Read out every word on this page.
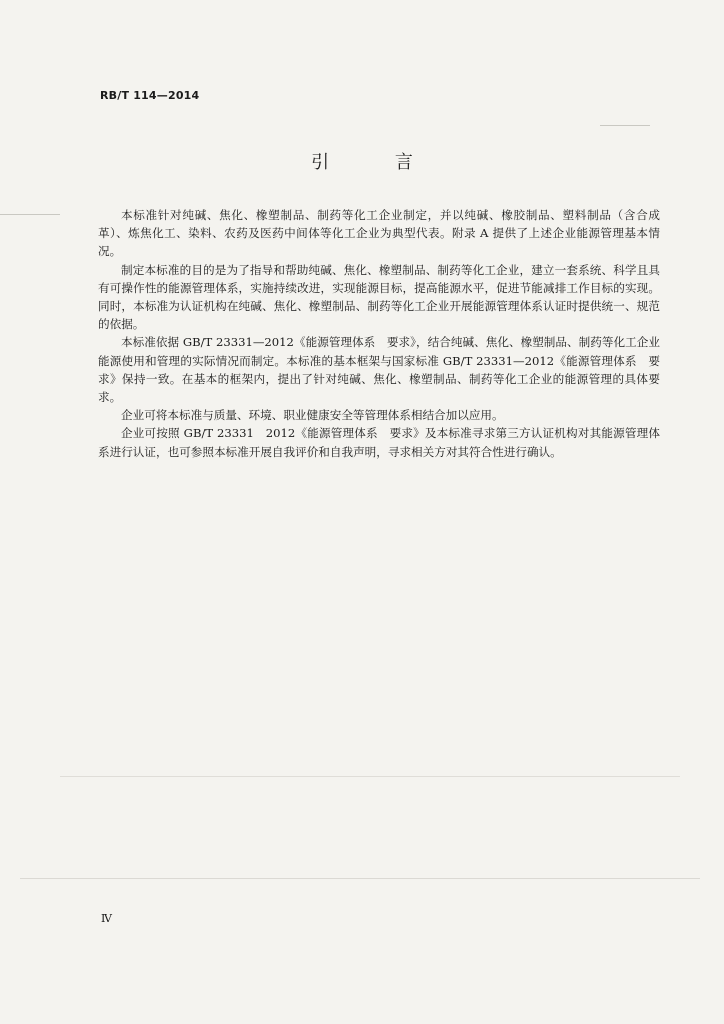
RB/T 114—2014
引 言

本标准针对纯碱、焦化、橡塑制品、制药等化工企业制定，并以纯碱、橡胶制品、塑料制品（含合成革）、炼焦化工、染料、农药及医药中间体等化工企业为典型代表。附录 A 提供了上述企业能源管理基本情况。

制定本标准的目的是为了指导和帮助纯碱、焦化、橡塑制品、制药等化工企业，建立一套系统、科学且具有可操作性的能源管理体系，实施持续改进，实现能源目标，提高能源水平，促进节能减排工作目标的实现。同时，本标准为认证机构在纯碱、焦化、橡塑制品、制药等化工企业开展能源管理体系认证时提供统一、规范的依据。

本标准依据 GB/T 23331—2012《能源管理体系　要求》，结合纯碱、焦化、橡塑制品、制药等化工企业能源使用和管理的实际情况而制定。本标准的基本框架与国家标准 GB/T 23331—2012《能源管理体系　要求》保持一致。在基本的框架内，提出了针对纯碱、焦化、橡塑制品、制药等化工企业的能源管理的具体要求。

企业可将本标准与质量、环境、职业健康安全等管理体系相结合加以应用。

企业可按照 GB/T 23331　2012《能源管理体系　要求》及本标准寻求第三方认证机构对其能源管理体系进行认证，也可参照本标准开展自我评价和自我声明，寻求相关方对其符合性进行确认。

Ⅳ
